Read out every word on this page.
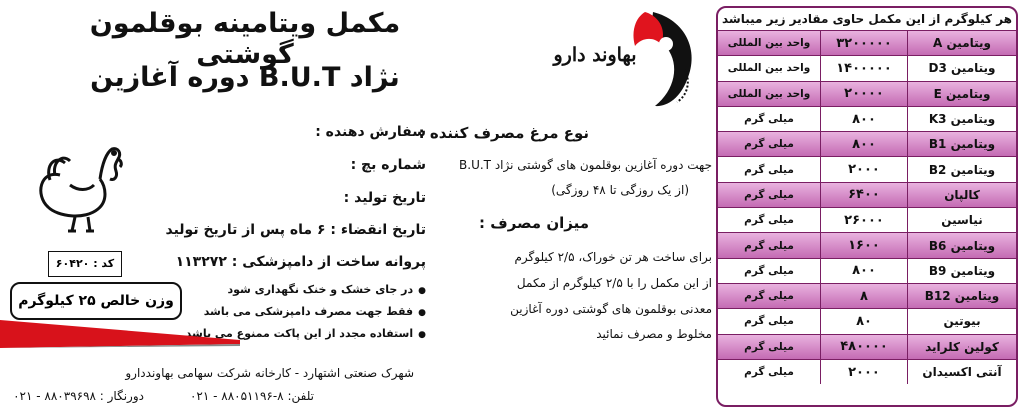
هر کیلوگرم از این مکمل حاوی مقادیر زیر میباشد
ویتامین A
۳۲۰۰۰۰۰
واحد بین المللی
ویتامین D3
۱۴۰۰۰۰۰
واحد بین المللی
ویتامین E
۲۰۰۰۰
واحد بین المللی
ویتامین K3
۸۰۰
میلی گرم
ویتامین B1
۸۰۰
میلی گرم
ویتامین B2
۲۰۰۰
میلی گرم
کالپان
۶۴۰۰
میلی گرم
نیاسین
۲۶۰۰۰
میلی گرم
ویتامین B6
۱۶۰۰
میلی گرم
ویتامین B9
۸۰۰
میلی گرم
ویتامین B12
۸
میلی گرم
بیوتین
۸۰
میلی گرم
کولین کلراید
۴۸۰۰۰۰
میلی گرم
آنتی اکسیدان
۲۰۰۰
میلی گرم
مکمل ویتامینه بوقلمون گوشتی
نژاد B.U.T دوره آغازین
بهاوند دارو
نوع مرغ مصرف کننده :
جهت دوره آغازین بوقلمون های گوشتی نژاد B.U.T
(از یک روزگی تا ۴۸ روزگی)
میزان مصرف :
برای ساخت هر تن خوراک، ۲/۵ کیلوگرم
از این مکمل را با ۲/۵ کیلوگرم از مکمل
معدنی بوقلمون های گوشتی دوره آغازین
مخلوط و مصرف نمائید
سفارش دهنده :
شماره بچ :
تاریخ تولید :
تاریخ انقضاء : ۶ ماه پس از تاریخ تولید
پروانه ساخت از دامپزشکی : ۱۱۳۲۷۲
● در جای خشک و خنک نگهداری شود
● فقط جهت مصرف دامپزشکی می باشد
● استفاده مجدد از این پاکت ممنوع می باشد
کد : ۶۰۴۲۰
وزن خالص ۲۵ کیلوگرم
شهرک صنعتی اشتهارد - کارخانه شرکت سهامی بهاونددارو
تلفن: ۸-۸۸۰۵۱۱۹۶ - ۰۲۱
دورنگار : ۸۸۰۳۹۶۹۸ - ۰۲۱
